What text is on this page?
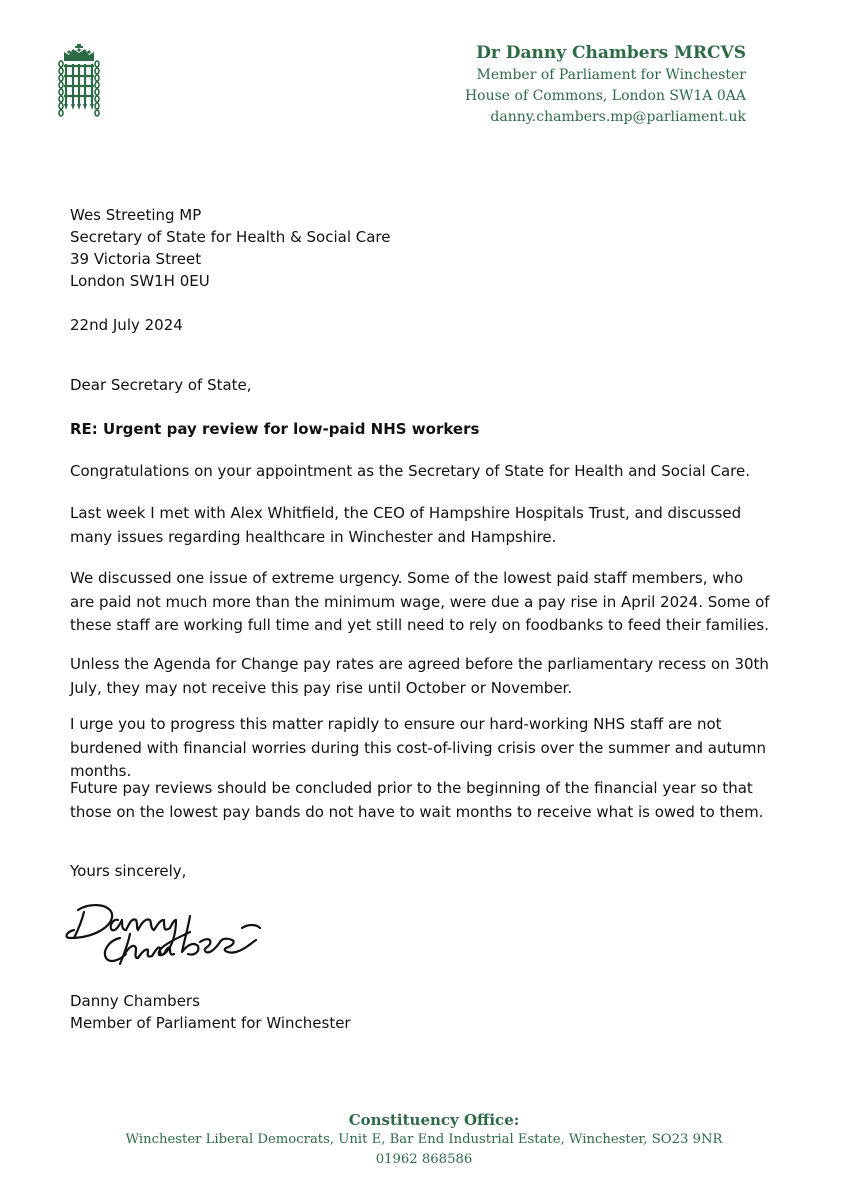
Dr Danny Chambers MRCVS
Member of Parliament for Winchester
House of Commons, London SW1A 0AA
danny.chambers.mp@parliament.uk
Wes Streeting MP
Secretary of State for Health & Social Care
39 Victoria Street
London SW1H 0EU
22nd July 2024
Dear Secretary of State,
RE: Urgent pay review for low-paid NHS workers
Congratulations on your appointment as the Secretary of State for Health and Social Care.
Last week I met with Alex Whitfield, the CEO of Hampshire Hospitals Trust, and discussed many issues regarding healthcare in Winchester and Hampshire.
We discussed one issue of extreme urgency. Some of the lowest paid staff members, who are paid not much more than the minimum wage, were due a pay rise in April 2024. Some of these staff are working full time and yet still need to rely on foodbanks to feed their families.
Unless the Agenda for Change pay rates are agreed before the parliamentary recess on 30th July, they may not receive this pay rise until October or November.
I urge you to progress this matter rapidly to ensure our hard-working NHS staff are not burdened with financial worries during this cost-of-living crisis over the summer and autumn months.
Future pay reviews should be concluded prior to the beginning of the financial year so that those on the lowest pay bands do not have to wait months to receive what is owed to them.
Yours sincerely,
Danny Chambers
Member of Parliament for Winchester
Constituency Office:
Winchester Liberal Democrats, Unit E, Bar End Industrial Estate, Winchester, SO23 9NR
01962 868586
